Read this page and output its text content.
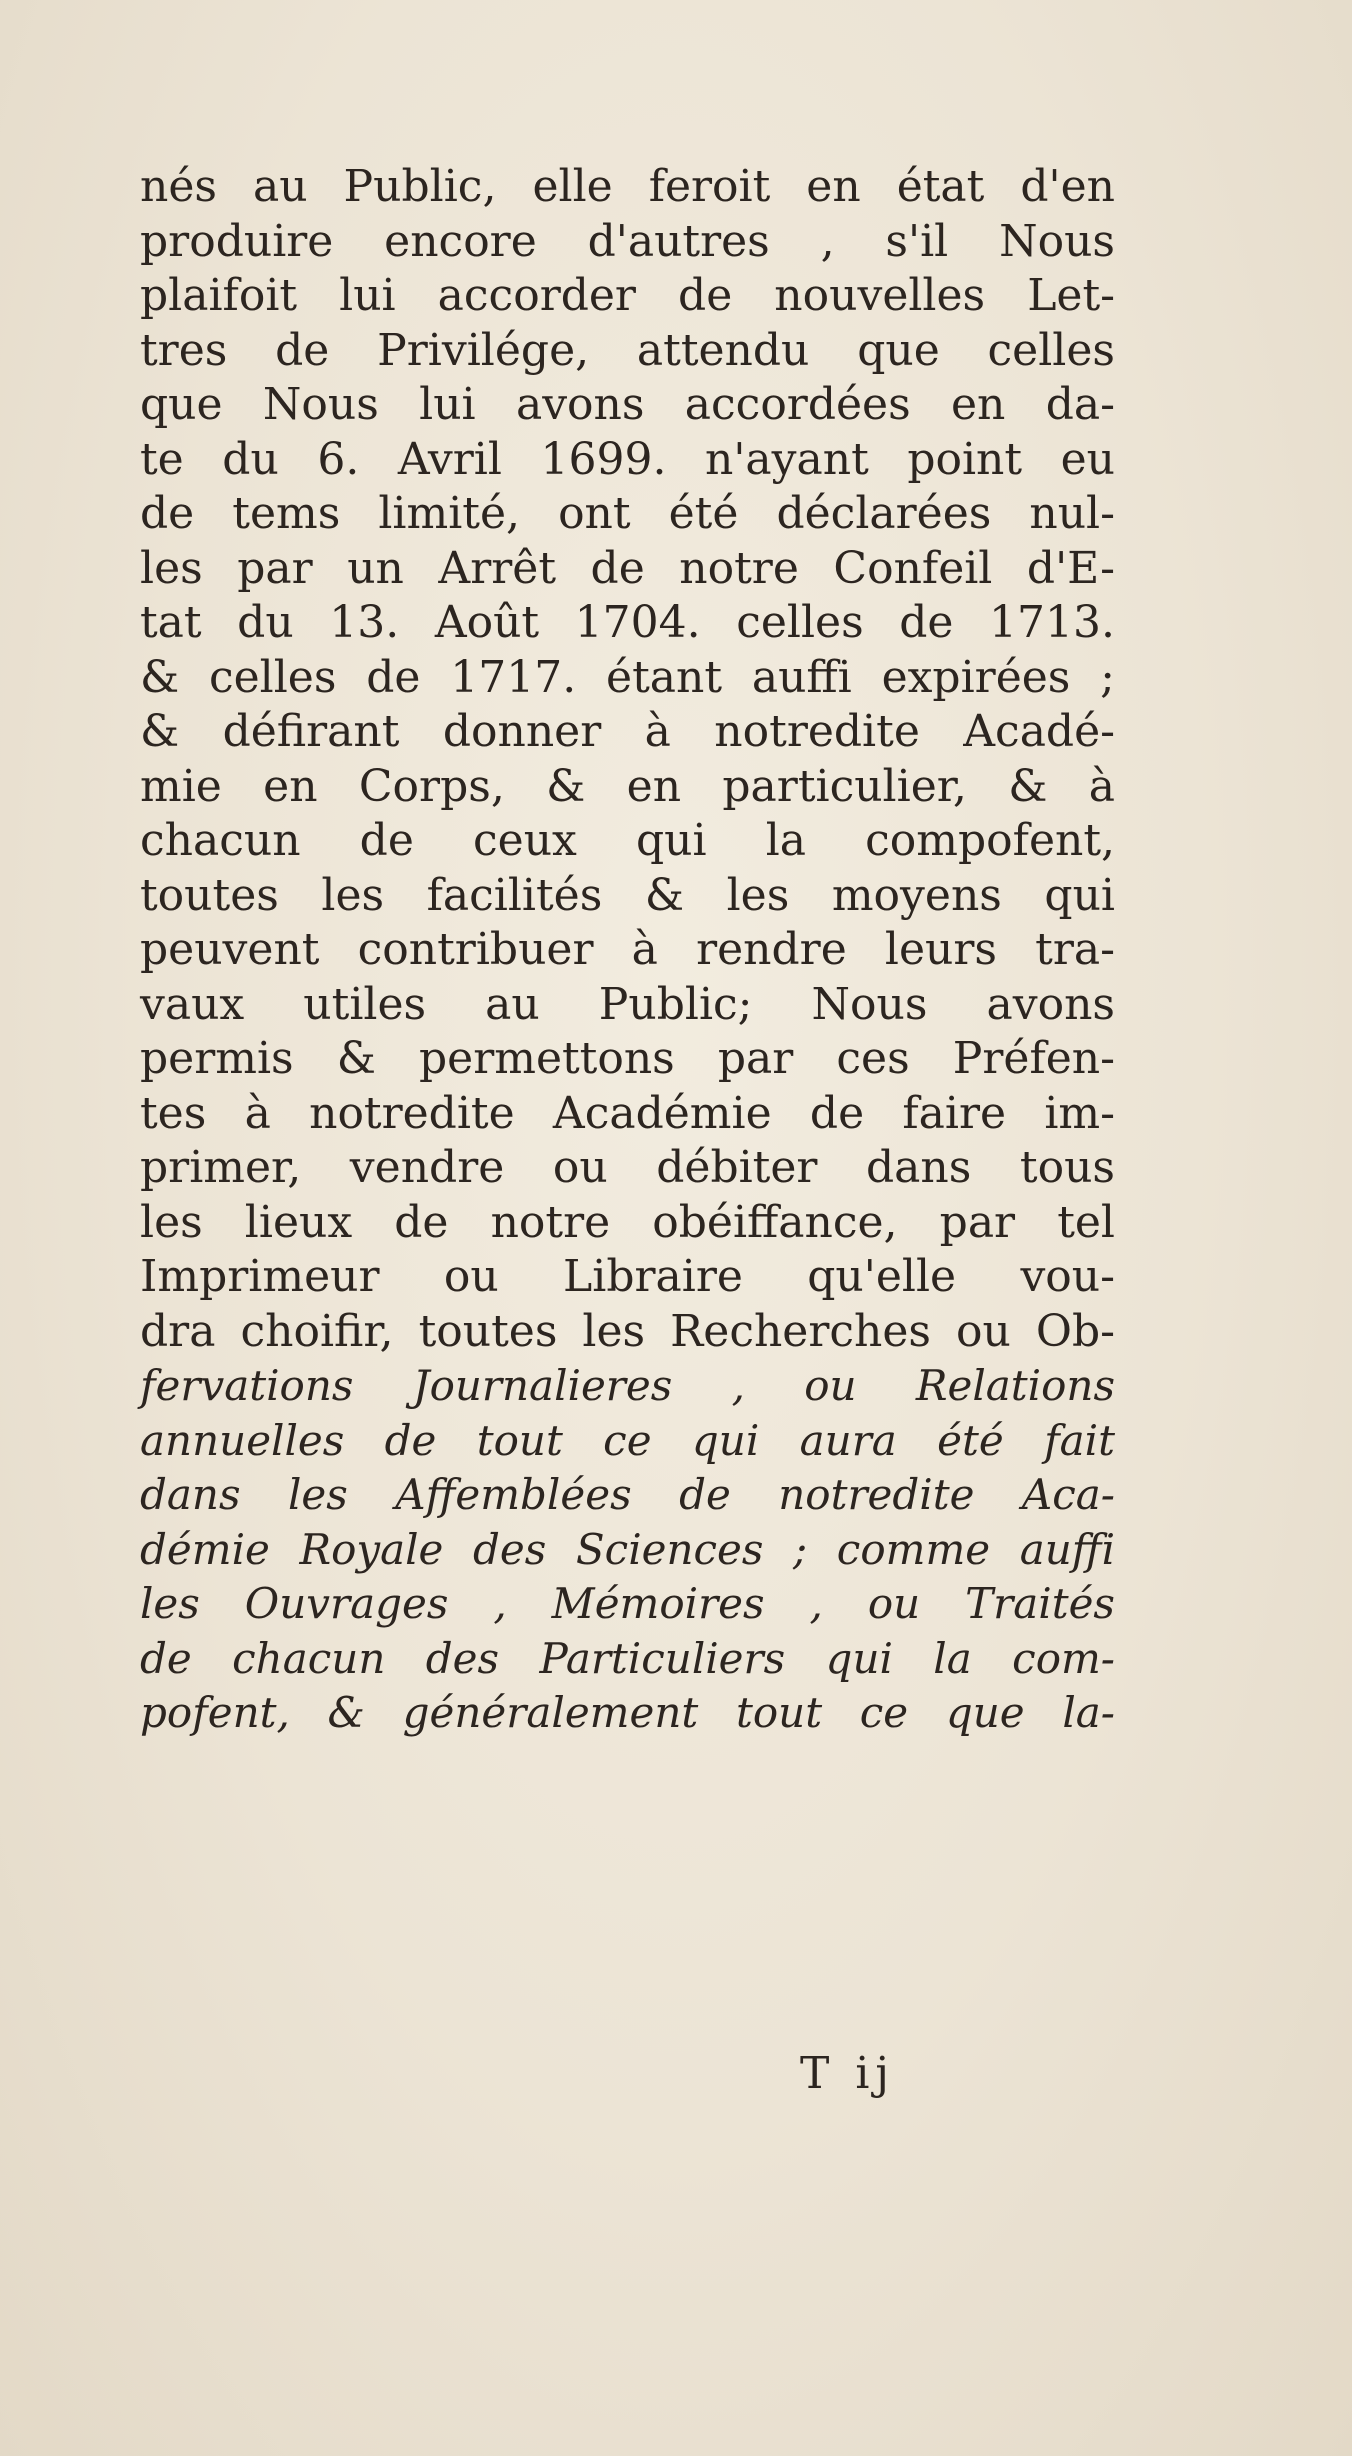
nés au Public, elle feroit en état d'en
produire encore d'autres , s'il Nous
plaifoit lui accorder de nouvelles Let-
tres de Privilége, attendu que celles
que Nous lui avons accordées en da-
te du 6. Avril 1699. n'ayant point eu
de tems limité, ont été déclarées nul-
les par un Arrêt de notre Confeil d'E-
tat du 13. Août 1704. celles de 1713.
& celles de 1717. étant auffi expirées ;
& défirant donner à notredite Acadé-
mie en Corps, & en particulier, & à
chacun de ceux qui la compofent,
toutes les facilités & les moyens qui
peuvent contribuer à rendre leurs tra-
vaux utiles au Public; Nous avons
permis & permettons par ces Préfen-
tes à notredite Académie de faire im-
primer, vendre ou débiter dans tous
les lieux de notre obéiffance, par tel
Imprimeur ou Libraire qu'elle vou-
dra choifir, toutes les Recherches ou Ob-
fervations Journalieres , ou Relations
annuelles de tout ce qui aura été fait
dans les Affemblées de notredite Aca-
démie Royale des Sciences ; comme auffi
les Ouvrages , Mémoires , ou Traités
de chacun des Particuliers qui la com-
pofent, & généralement tout ce que la-
T ij
